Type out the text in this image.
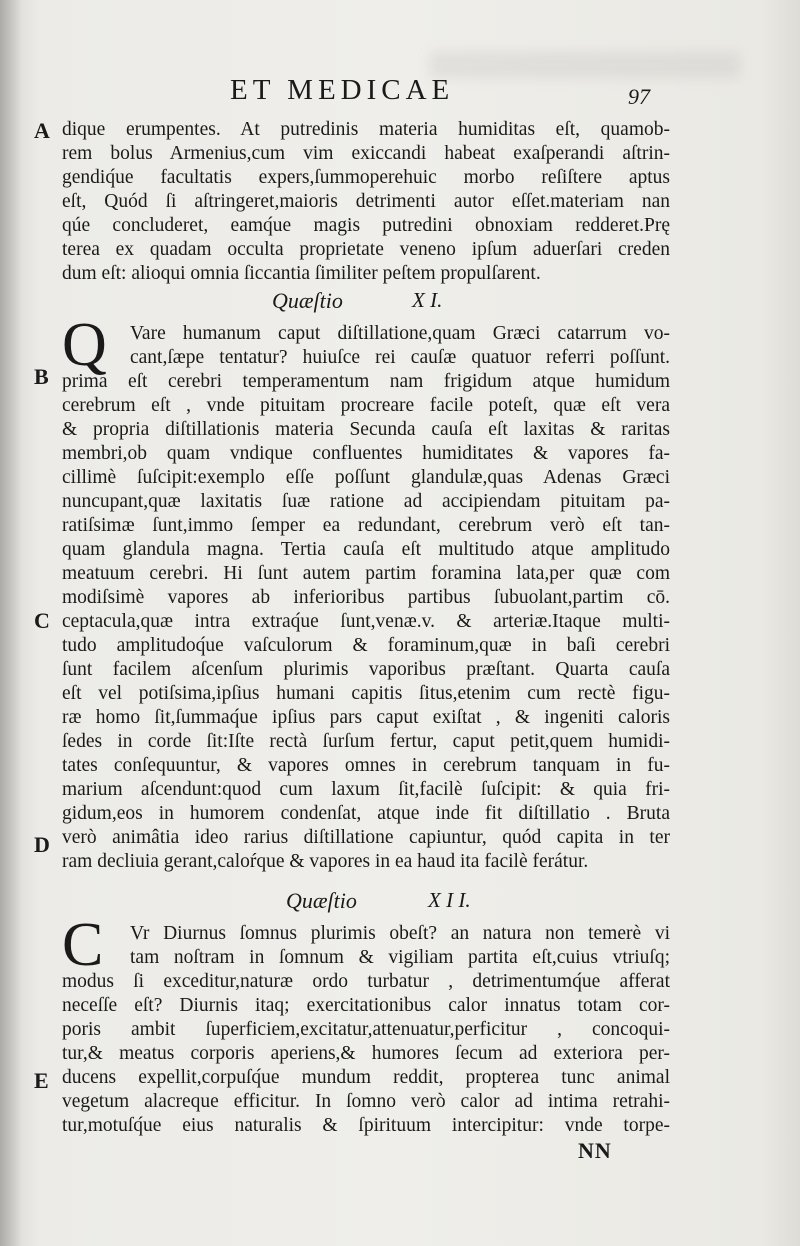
ET MEDICAE	97
A
B
C
D
E
dique erumpentes. At putredinis materia humiditas eſt, quamob-
rem bolus Armenius,cum vim exiccandi habeat exaſperandi aſtrin-
gendiq́ue facultatis expers,ſummoperehuic morbo reſiſtere aptus
eſt, Quód ſi aſtringeret,maioris detrimenti autor eſſet.materiam nan
qúe concluderet, eamq́ue magis putredini obnoxiam redderet.Prę
terea ex quadam occulta proprietate veneno ipſum aduerſari creden
dum eſt: alioqui omnia ſiccantia ſimiliter peſtem propulſarent.
Quæſtio	X I.
Q Vare humanum caput diſtillatione,quam Græci catarrum vo-
cant,ſæpe tentatur? huiuſce rei cauſæ quatuor referri poſſunt.
prima eſt cerebri temperamentum nam frigidum atque humidum
cerebrum eſt , vnde pituitam procreare facile poteſt, quæ eſt vera
& propria diſtillationis materia Secunda cauſa eſt laxitas & raritas
membri,ob quam vndique confluentes humiditates & vapores fa-
cillimè ſuſcipit:exemplo eſſe poſſunt glandulæ,quas Adenas Græci
nuncupant,quæ laxitatis ſuæ ratione ad accipiendam pituitam pa-
ratiſsimæ ſunt,immo ſemper ea redundant, cerebrum verò eſt tan-
quam glandula magna. Tertia cauſa eſt multitudo atque amplitudo
meatuum cerebri. Hi ſunt autem partim foramina lata,per quæ com
modiſsimè vapores ab inferioribus partibus ſubuolant,partim cō.
ceptacula,quæ intra extraq́ue ſunt,venæ.v. & arteriæ.Itaque multi-
tudo amplitudoq́ue vaſculorum & foraminum,quæ in baſi cerebri
ſunt facilem aſcenſum plurimis vaporibus præſtant. Quarta cauſa
eſt vel potiſsima,ipſius humani capitis ſitus,etenim cum rectè figu-
ræ homo ſit,ſummaq́ue ipſius pars caput exiſtat , & ingeniti caloris
ſedes in corde ſit:Iſte rectà ſurſum fertur, caput petit,quem humidi-
tates conſequuntur, & vapores omnes in cerebrum tanquam in fu-
marium aſcendunt:quod cum laxum ſit,facilè ſuſcipit: & quia fri-
gidum,eos in humorem condenſat, atque inde fit diſtillatio . Bruta
verò animâtia ideo rarius diſtillatione capiuntur, quód capita in ter
ram decliuia gerant,caloŕque & vapores in ea haud ita facilè ferátur.
Quæſtio	X I I.
C Vr Diurnus ſomnus plurimis obeſt? an natura non temerè vi
tam noſtram in ſomnum & vigiliam partita eſt,cuius vtriuſq;
modus ſi exceditur,naturæ ordo turbatur , detrimentumq́ue afferat
neceſſe eſt? Diurnis itaq; exercitationibus calor innatus totam cor-
poris ambit ſuperficiem,excitatur,attenuatur,perficitur , concoqui-
tur,& meatus corporis aperiens,& humores ſecum ad exteriora per-
ducens expellit,corpuſq́ue mundum reddit, propterea tunc animal
vegetum alacreque efficitur. In ſomno verò calor ad intima retrahi-
tur,motuſq́ue eius naturalis & ſpirituum intercipitur: vnde torpe-
NN
